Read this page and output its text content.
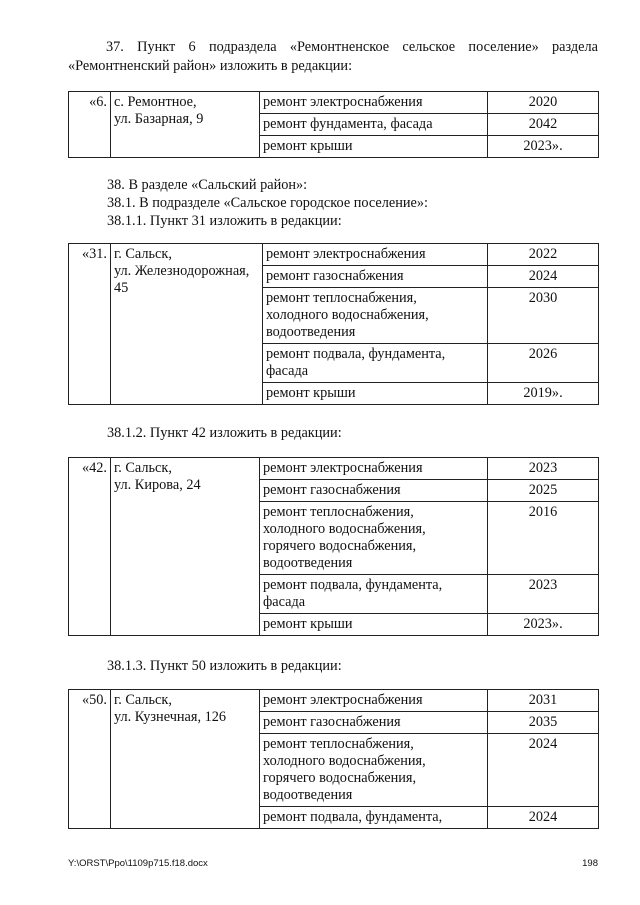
37. Пункт 6 подраздела «Ремонтненское сельское поселение» раздела «Ремонтненский район» изложить в редакции:

«6.	с. Ремонтное,
ул. Базарная, 9	ремонт электроснабжения	2020
		ремонт фундамента, фасада	2042
		ремонт крыши	2023».
38. В разделе «Сальский район»:
38.1. В подразделе «Сальское городское поселение»:
38.1.1. Пункт 31 изложить в редакции:
«31.	г. Сальск,
ул. Железнодорожная,
45	ремонт электроснабжения	2022
		ремонт газоснабжения	2024

		ремонт теплоснабжения,
холодного водоснабжения,
водоотведения	2030

		ремонт подвала, фундамента,
фасада	2026
		ремонт крыши	2019».
38.1.2. Пункт 42 изложить в редакции:
«42.	г. Сальск,
ул. Кирова, 24	ремонт электроснабжения	2023
		ремонт газоснабжения	2025

		ремонт теплоснабжения,
холодного водоснабжения,
горячего водоснабжения,
водоотведения	2016

		ремонт подвала, фундамента,
фасада	2023
		ремонт крыши	2023».
38.1.3. Пункт 50 изложить в редакции:
«50.	г. Сальск,
ул. Кузнечная, 126	ремонт электроснабжения	2031
		ремонт газоснабжения	2035

		ремонт теплоснабжения,
холодного водоснабжения,
горячего водоснабжения,
водоотведения	2024
		ремонт подвала, фундамента,	2024
Y:\ORST\Ppo\1109p715.f18.docx	198
